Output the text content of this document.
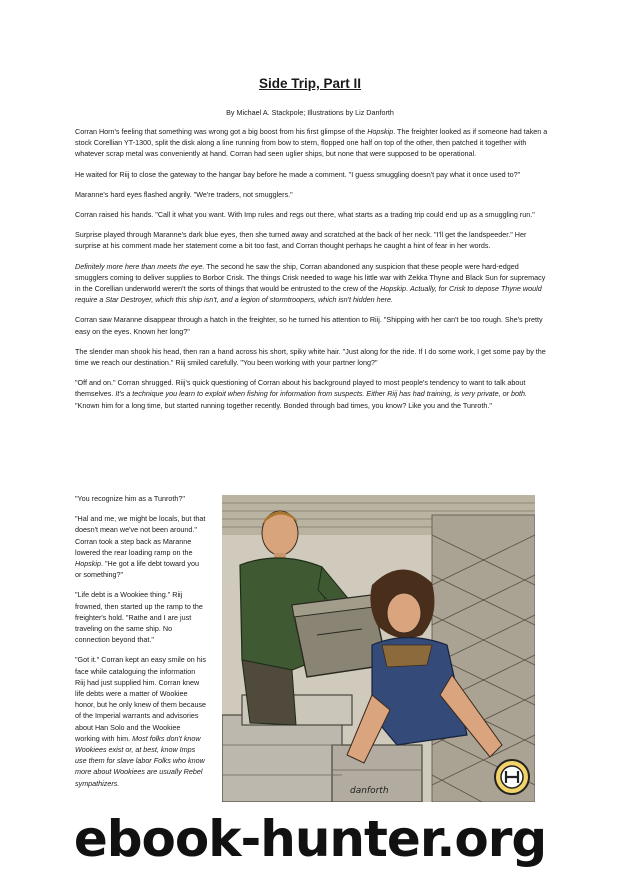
Side Trip, Part II

By Michael A. Stackpole; Illustrations by Liz Danforth

Corran Horn's feeling that something was wrong got a big boost from his first glimpse of the Hopskip. The freighter looked as if someone had taken a stock Corellian YT-1300, split the disk along a line running from bow to stern, flopped one half on top of the other, then patched it together with whatever scrap metal was conveniently at hand. Corran had seen uglier ships, but none that were supposed to be operational.

He waited for Riij to close the gateway to the hangar bay before he made a comment. "I guess smuggling doesn't pay what it once used to?"

Maranne's hard eyes flashed angrily. "We're traders, not smugglers."

Corran raised his hands. "Call it what you want. With Imp rules and regs out there, what starts as a trading trip could end up as a smuggling run."

Surprise played through Maranne's dark blue eyes, then she turned away and scratched at the back of her neck. "I'll get the landspeeder." Her surprise at his comment made her statement come a bit too fast, and Corran thought perhaps he caught a hint of fear in her words.

Definitely more here than meets the eye. The second he saw the ship, Corran abandoned any suspicion that these people were hard-edged smugglers coming to deliver supplies to Borbor Crisk. The things Crisk needed to wage his little war with Zekka Thyne and Black Sun for supremacy in the Corellian underworld weren't the sorts of things that would be entrusted to the crew of the Hopskip. Actually, for Crisk to depose Thyne would require a Star Destroyer, which this ship isn't, and a legion of stormtroopers, which isn't hidden here.

Corran saw Maranne disappear through a hatch in the freighter, so he turned his attention to Riij. "Shipping with her can't be too rough. She's pretty easy on the eyes. Known her long?"

The slender man shook his head, then ran a hand across his short, spiky white hair. "Just along for the ride. If I do some work, I get some pay by the time we reach our destination." Riij smiled carefully. "You been working with your partner long?"

"Off and on." Corran shrugged. Riij's quick questioning of Corran about his background played to most people's tendency to want to talk about themselves. It's a technique you learn to exploit when fishing for information from suspects. Either Riij has had training, is very private, or both. "Known him for a long time, but started running together recently. Bonded through bad times, you know? Like you and the Tunroth."

"You recognize him as a Tunroth?"

"Hal and me, we might be locals, but that doesn't mean we've not been around." Corran took a step back as Maranne lowered the rear loading ramp on the Hopskip. "He got a life debt toward you or something?"

"Life debt is a Wookiee thing." Riij frowned, then started up the ramp to the freighter's hold. "Rathe and I are just traveling on the same ship. No connection beyond that."

"Got it." Corran kept an easy smile on his face while cataloguing the information Riij had just supplied him. Corran knew life debts were a matter of Wookiee honor, but he only knew of them because of the Imperial warrants and advisories about Han Solo and the Wookiee working with him. Most folks don't know Wookiees exist or, at best, know Imps use them for slave labor Folks who know more about Wookiees are usually Rebel sympathizers.

danforth

ebook-hunter.org
